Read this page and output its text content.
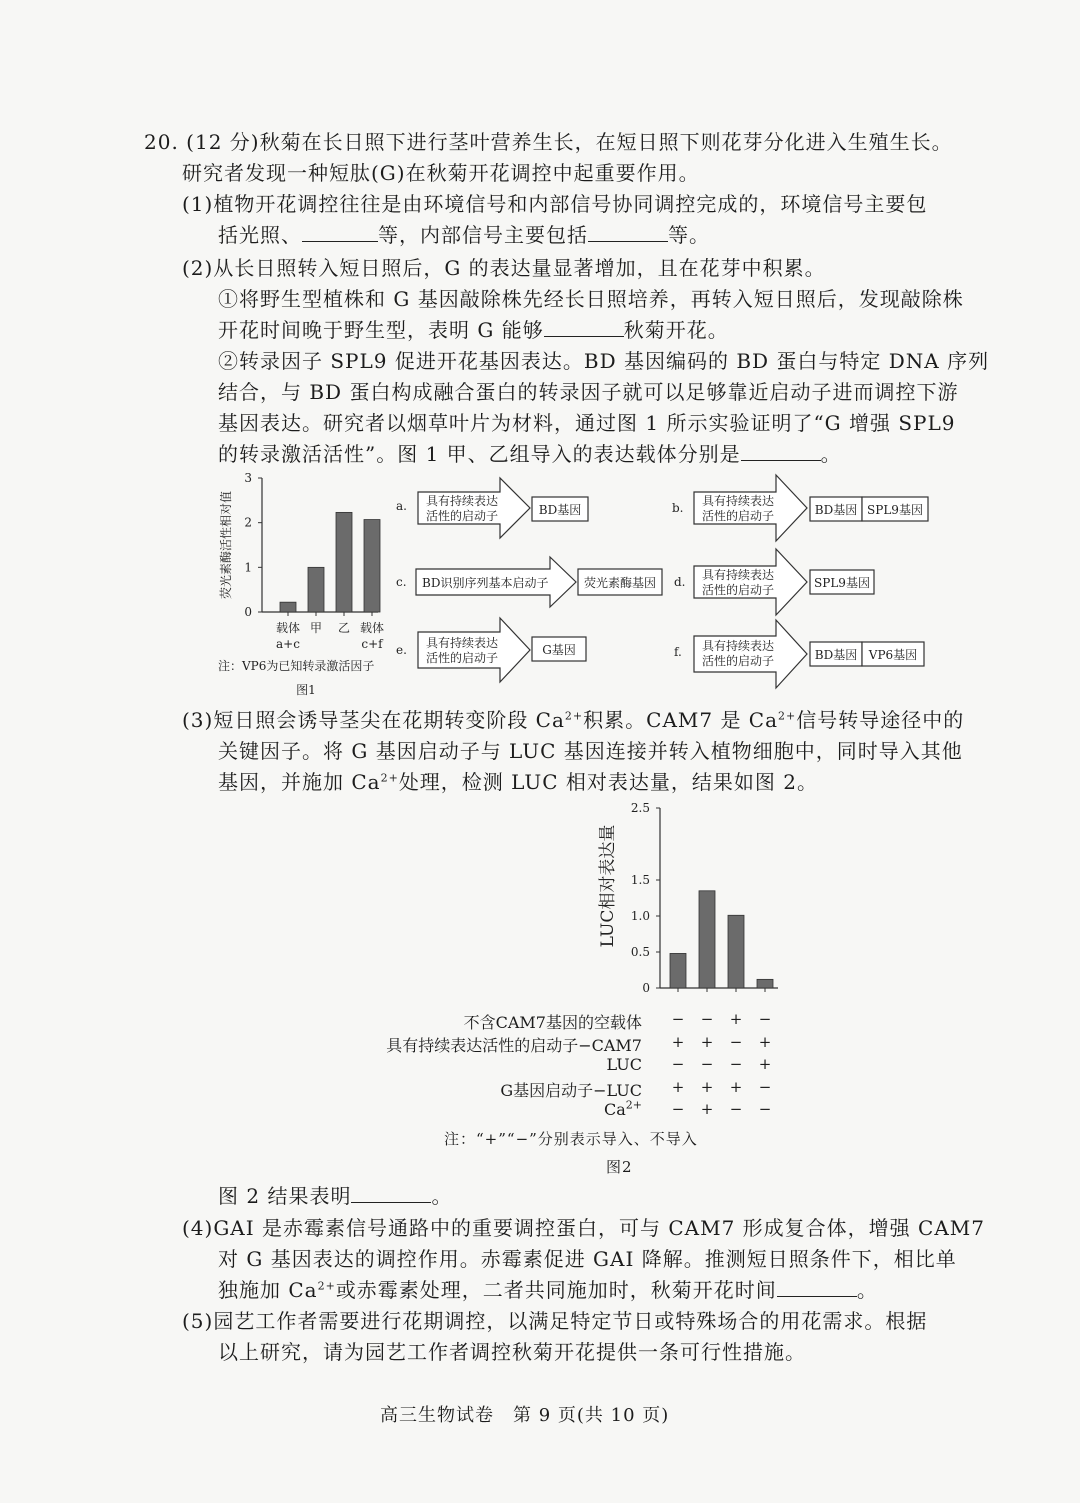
20. (12 分)秋菊在长日照下进行茎叶营养生长，在短日照下则花芽分化进入生殖生长。
研究者发现一种短肽(G)在秋菊开花调控中起重要作用。
(1)植物开花调控往往是由环境信号和内部信号协同调控完成的，环境信号主要包
括光照、	等，内部信号主要包括	等。
(2)从长日照转入短日照后，G 的表达量显著增加，且在花芽中积累。
①将野生型植株和 G 基因敲除株先经长日照培养，再转入短日照后，发现敲除株
开花时间晚于野生型，表明 G 能够	秋菊开花。
②转录因子 SPL9 促进开花基因表达。BD 基因编码的 BD 蛋白与特定 DNA 序列
结合，与 BD 蛋白构成融合蛋白的转录因子就可以足够靠近启动子进而调控下游
基因表达。研究者以烟草叶片为材料，通过图 1 所示实验证明了“G 增强 SPL9
的转录激活活性”。图 1 甲、乙组导入的表达载体分别是	。
荧光素酶活性相对值
0
1
2
3
载体
a+c
甲 乙 载体
c+f
注：VP6为已知转录激活因子
图1
a. 具有持续表达
活性的启动子	BD基因	b. 具有持续表达
活性的启动子	BD基因 SPL9基因
c. BD识别序列基本启动子	荧光素酶基因 d. 具有持续表达
活性的启动子	SPL9基因
e. 具有持续表达
活性的启动子
G基因	f. 具有持续表达
活性的启动子	BD基因 VP6基因
(3)短日照会诱导茎尖在花期转变阶段 $Ca^{2+}$积累。CAM7 是 $Ca^{2+}$信号转导途径中的
关键因子。将 G 基因启动子与 LUC 基因连接并转入植物细胞中，同时导入其他
基因，并施加 $Ca^{2+}$处理，检测 LUC 相对表达量，结果如图 2。
LUC相对表达量
0
0.5
1.0
1.5
2.5
不含CAM7基因的空载体	−	−	+	−
具有持续表达活性的启动子−CAM7	+	+	−	+
LUC	−	−	−	+
G基因启动子−LUC	+	+	+	−
$Ca^{2+}$	−	+	−	−
注：“+”“−”分别表示导入、不导入
图2
图 2 结果表明	。
(4)GAI 是赤霉素信号通路中的重要调控蛋白，可与 CAM7 形成复合体，增强 CAM7
对 G 基因表达的调控作用。赤霉素促进 GAI 降解。推测短日照条件下，相比单
独施加 $Ca^{2+}$或赤霉素处理，二者共同施加时，秋菊开花时间	。
(5)园艺工作者需要进行花期调控，以满足特定节日或特殊场合的用花需求。根据
以上研究，请为园艺工作者调控秋菊开花提供一条可行性措施。
高三生物试卷　第 9 页(共 10 页)
